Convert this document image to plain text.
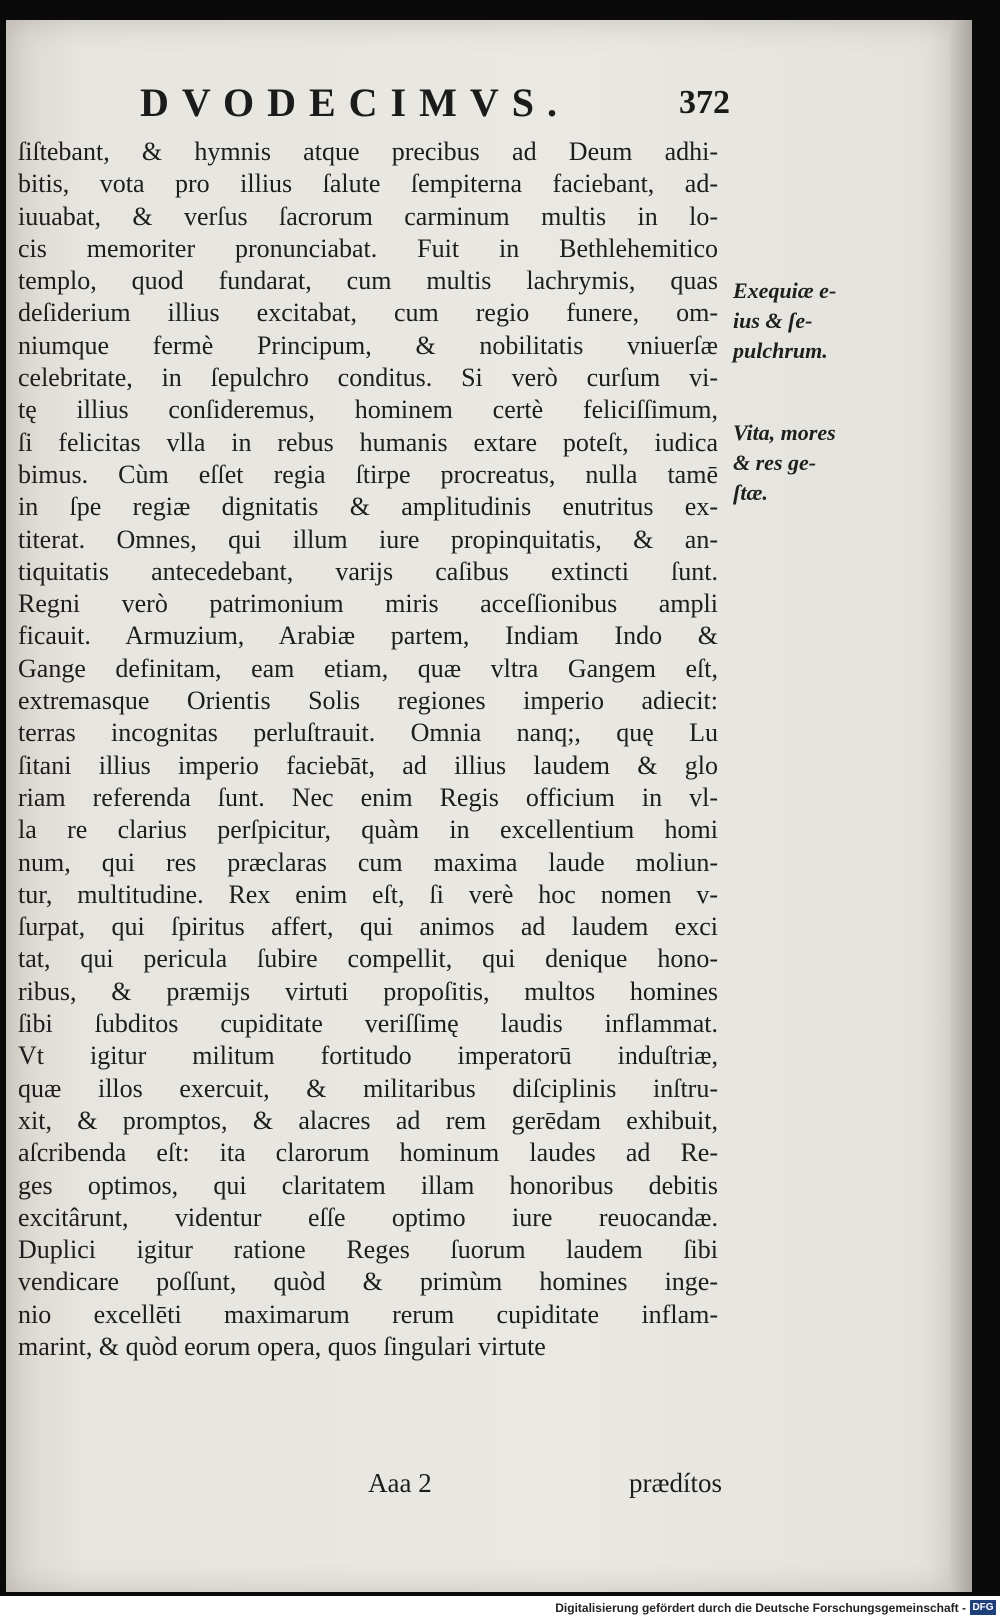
DVODECIMVS.	372
ſiſtebant, & hymnis atque precibus ad Deum adhi-
bitis, vota pro illius ſalute ſempiterna faciebant, ad-
iuuabat, & verſus ſacrorum carminum multis in lo-
cis memoriter pronunciabat. Fuit in Bethlehemitico
templo, quod fundarat, cum multis lachrymis, quas
deſiderium illius excitabat, cum regio funere, om-
niumque fermè Principum, & nobilitatis vniuerſæ
celebritate, in ſepulchro conditus. Si verò curſum vi-
tę illius conſideremus, hominem certè feliciſſimum,
ſi felicitas vlla in rebus humanis extare poteſt, iudica
bimus. Cùm eſſet regia ſtirpe procreatus, nulla tamē
in ſpe regiæ dignitatis & amplitudinis enutritus ex-
titerat. Omnes, qui illum iure propinquitatis, & an-
tiquitatis antecedebant, varijs caſibus extincti ſunt.
Regni verò patrimonium miris acceſſionibus ampli
ficauit. Armuzium, Arabiæ partem, Indiam Indo &
Gange definitam, eam etiam, quæ vltra Gangem eſt,
extremasque Orientis Solis regiones imperio adiecit:
terras incognitas perluſtrauit. Omnia nanq;, quę Lu
ſitani illius imperio faciebāt, ad illius laudem & glo
riam referenda ſunt. Nec enim Regis officium in vl-
la re clarius perſpicitur, quàm in excellentium homi
num, qui res præclaras cum maxima laude moliun-
tur, multitudine. Rex enim eſt, ſi verè hoc nomen v-
ſurpat, qui ſpiritus affert, qui animos ad laudem exci
tat, qui pericula ſubire compellit, qui denique hono-
ribus, & præmijs virtuti propoſitis, multos homines
ſibi ſubditos cupiditate veriſſimę laudis inflammat.
Vt igitur militum fortitudo imperatorū induſtriæ,
quæ illos exercuit, & militaribus diſciplinis inſtru-
xit, & promptos, & alacres ad rem gerēdam exhibuit,
aſcribenda eſt: ita clarorum hominum laudes ad Re-
ges optimos, qui claritatem illam honoribus debitis
excitârunt, videntur eſſe optimo iure reuocandæ.
Duplici igitur ratione Reges ſuorum laudem ſibi
vendicare poſſunt, quòd & primùm homines inge-
nio excellēti maximarum rerum cupiditate inflam-
marint, & quòd eorum opera, quos ſingulari virtute
Exequiæ e-
ius & ſe-
pulchrum.
Vita, mores
& res ge-
ſtæ.
Aaa 2	prædítos
Digitalisierung gefördert durch die Deutsche Forschungsgemeinschaft - DFG
